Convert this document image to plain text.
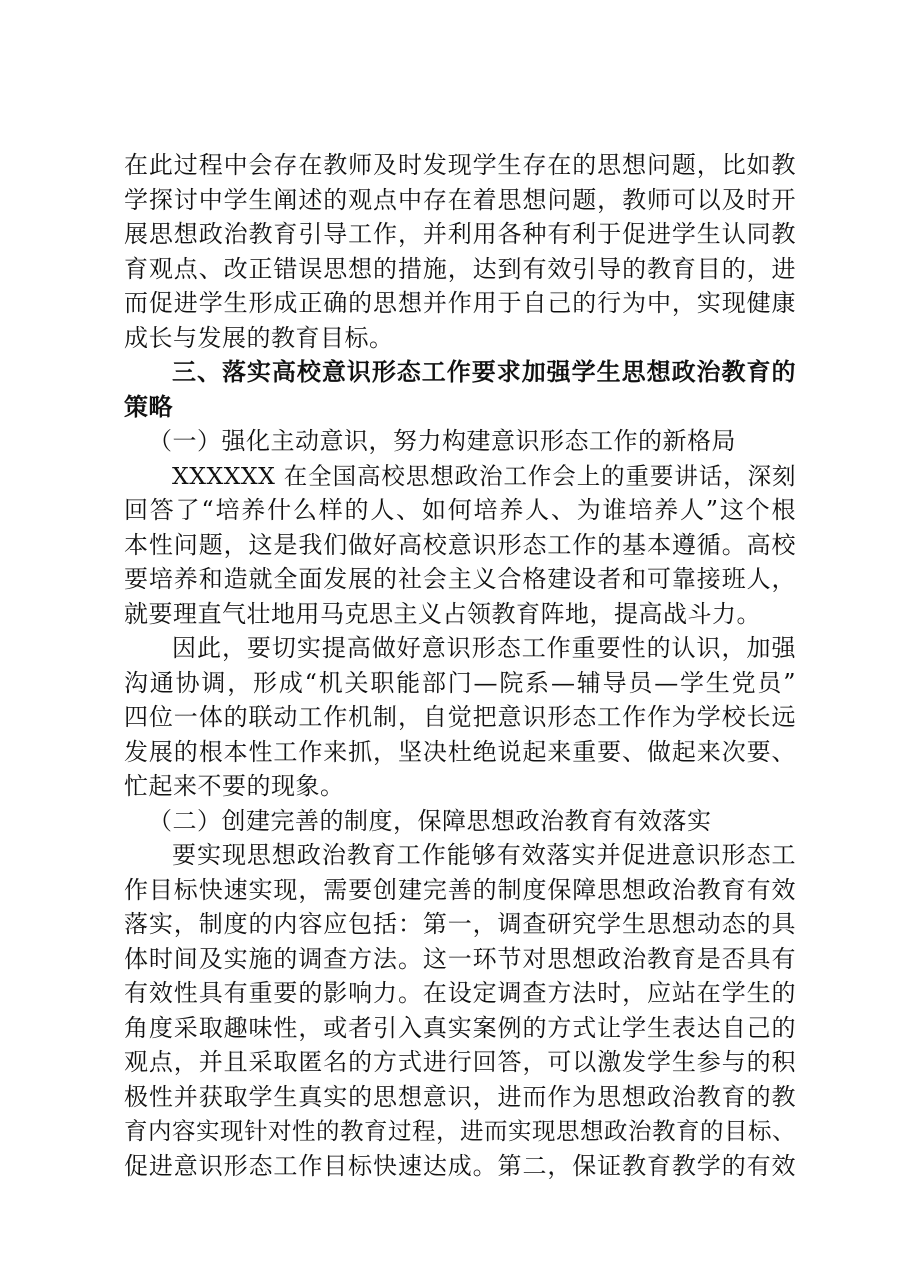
在此过程中会存在教师及时发现学生存在的思想问题，比如教
学探讨中学生阐述的观点中存在着思想问题，教师可以及时开
展思想政治教育引导工作，并利用各种有利于促进学生认同教
育观点、改正错误思想的措施，达到有效引导的教育目的，进
而促进学生形成正确的思想并作用于自己的行为中，实现健康
成长与发展的教育目标。
三、落实高校意识形态工作要求加强学生思想政治教育的
策略
（一）强化主动意识，努力构建意识形态工作的新格局
XXXXXX 在全国高校思想政治工作会上的重要讲话，深刻
回答了“培养什么样的人、如何培养人、为谁培养人”这个根
本性问题，这是我们做好高校意识形态工作的基本遵循。高校
要培养和造就全面发展的社会主义合格建设者和可靠接班人，
就要理直气壮地用马克思主义占领教育阵地，提高战斗力。
因此，要切实提高做好意识形态工作重要性的认识，加强
沟通协调，形成“机关职能部门—院系—辅导员—学生党员”
四位一体的联动工作机制，自觉把意识形态工作作为学校长远
发展的根本性工作来抓，坚决杜绝说起来重要、做起来次要、
忙起来不要的现象。
（二）创建完善的制度，保障思想政治教育有效落实
要实现思想政治教育工作能够有效落实并促进意识形态工
作目标快速实现，需要创建完善的制度保障思想政治教育有效
落实，制度的内容应包括：第一，调查研究学生思想动态的具
体时间及实施的调查方法。这一环节对思想政治教育是否具有
有效性具有重要的影响力。在设定调查方法时，应站在学生的
角度采取趣味性，或者引入真实案例的方式让学生表达自己的
观点，并且采取匿名的方式进行回答，可以激发学生参与的积
极性并获取学生真实的思想意识，进而作为思想政治教育的教
育内容实现针对性的教育过程，进而实现思想政治教育的目标、
促进意识形态工作目标快速达成。第二，保证教育教学的有效
